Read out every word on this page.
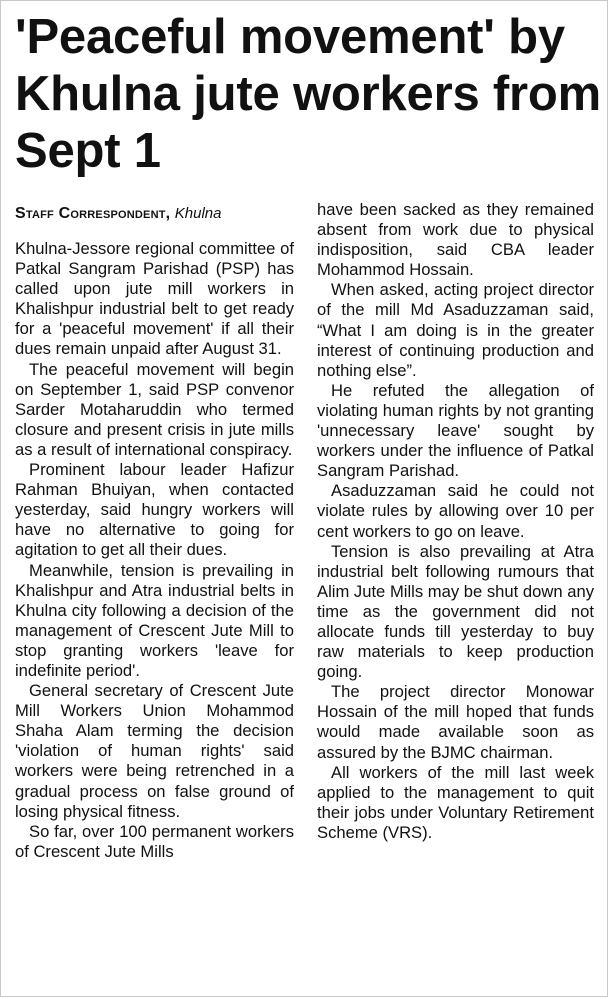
'Peaceful movement' by Khulna jute workers from Sept 1
Staff Correspondent, Khulna

Khulna-Jessore regional committee of Patkal Sangram Parishad (PSP) has called upon jute mill workers in Khalishpur industrial belt to get ready for a 'peaceful movement' if all their dues remain unpaid after August 31.

The peaceful movement will begin on September 1, said PSP convenor Sarder Motaharuddin who termed closure and present crisis in jute mills as a result of international conspiracy.

Prominent labour leader Hafizur Rahman Bhuiyan, when contacted yesterday, said hungry workers will have no alternative to going for agitation to get all their dues.

Meanwhile, tension is prevailing in Khalishpur and Atra industrial belts in Khulna city following a decision of the management of Crescent Jute Mill to stop granting workers 'leave for indefinite period'.

General secretary of Crescent Jute Mill Workers Union Mohammod Shaha Alam terming the decision 'violation of human rights' said workers were being retrenched in a gradual process on false ground of losing physical fitness.

So far, over 100 permanent workers of Crescent Jute Mills

have been sacked as they remained absent from work due to physical indisposition, said CBA leader Mohammod Hossain.

When asked, acting project director of the mill Md Asaduzzaman said, “What I am doing is in the greater interest of continuing production and nothing else”.

He refuted the allegation of violating human rights by not granting 'unnecessary leave' sought by workers under the influence of Patkal Sangram Parishad.

Asaduzzaman said he could not violate rules by allowing over 10 per cent workers to go on leave.

Tension is also prevailing at Atra industrial belt following rumours that Alim Jute Mills may be shut down any time as the government did not allocate funds till yesterday to buy raw materials to keep production going.

The project director Monowar Hossain of the mill hoped that funds would made available soon as assured by the BJMC chairman.

All workers of the mill last week applied to the management to quit their jobs under Voluntary Retirement Scheme (VRS).
